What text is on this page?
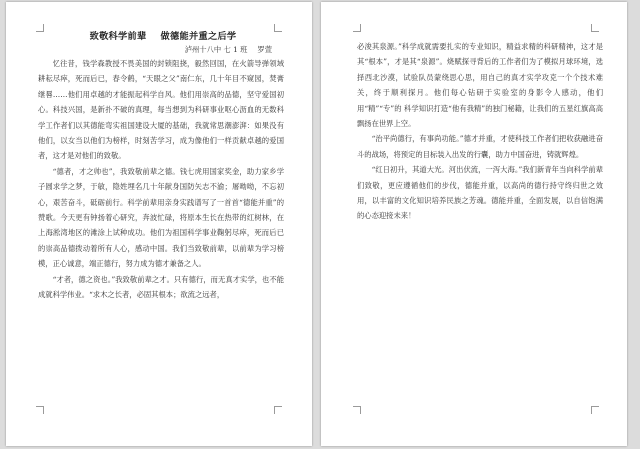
致敬科学前辈 做德能并重之后学
泸州十八中 七 1 班 罗萱

忆往昔，钱学森教授不畏美国的封锁阻挠，毅然回国，在火箭导弹领域耕耘尽瘁，死而后已，春令鹤，“天眼之父”南仁东，几十年目不窥园，焚膏继晷……他们用卓越的才能振起科学自风。他们用崇高的品德，坚守爱国初心。科技兴国，是新扑不破的真理，每当想到为科研事业呕心沥血的无数科学工作者们以其德能弯实祖国建设大厦的基础，我就常思潮澎湃：如果没有他们，以女当以他们为榜样，时刻苦学习，成为像他们一样贡献卓越的爱国者，这才是对他们的致敬。

“德者，才之帅也”，我致敬前辈之德。钱七虎用国家奖金，助力家乡学子圆求学之梦，于敏，隐姓埋名几十年献身国防矢志不渝；屠呦呦，不忘初心，艰苦奋斗，砥砺前行。科学前辈用亲身实践谱写了一首首“德能并重”的赞歌。今天更有钟扬着心研究，奔波忙碌，将原本生长在热带的红树林，在上海淞湾地区的滩涂上试种成功。他们为祖国科学事业鞠躬尽瘁，死而后已的崇高品德拨动着所有人心，感动中国。我们当致敬前辈，以前辈为学习榜模，正心诚意，端正德行，努力成为德才兼备之人。

“才者，德之资也。”我致敬前辈之才。只有德行，而无真才实学，也不能成就科学伟业。“求木之长者，必固其根本；欲流之远者，

必浚其泉源。”科学成就需要扎实的专业知识，精益求精的科研精神，这才是其“根本”，才是其“泉源”。烧赋探寻背后的工作者们为了模拟月球环境，选择西北沙漠，试验队员蒙绕思心思，用自己的真才实学攻克一个个技术难关，终于顺利探月。他们每心钻研于实验室的身影令人感动，他们用“精”“专”的 科学知识打造“他有我精”的独门秘籍，让我们的五星红旗高高飘扬在世界上空。

“治平尚德行，有事尚功能。”德才并重，才使科技工作者们把收获融进奋斗的战场，将预定的目标装入出发的行囊，助力中国奋进，铸就辉煌。

“红日初升，其道大光。河出伏流，一泻大海。”我们新青年当向科学前辈们致敬，更应遵循他们的步伐，德能并重，以高尚的德行持守终归世之效用，以丰富的文化知识培养民族之芳魂。德能并重，全面发展，以自信饱满的心态迎接未来！
